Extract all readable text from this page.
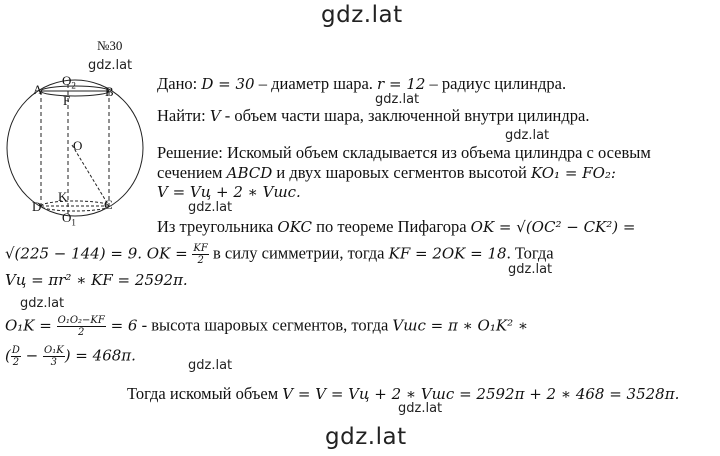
gdz.lat
gdz.lat
gdz.lat
gdz.lat
gdz.lat
gdz.lat
gdz.lat
gdz.lat
gdz.lat
gdz.lat
№30
A	B
$O_2$
F
O
K
D	C
$O_1$
Дано: D = 30 – диаметр шара. r = 12 – радиус цилиндра.
Найти: V - объем части шара, заключенной внутри цилиндра.
Решение: Искомый объем складывается из объема цилиндра с осевым
сечением ABCD и двух шаровых сегментов высотой KO₁ = FO₂:
V = Vц + 2 ∗ Vшс.
Из треугольника OKC по теореме Пифагора OK = √(OC² − CK²) =
√(225 − 144) = 9. OK = $\frac{KF}{2}$ в силу симметрии, тогда KF = 2OK = 18. Тогда
Vц = πr² ∗ KF = 2592π.
$O_1K = \frac{\text{O₁O₂−KF}}{2} = 6$ - высота шаровых сегментов, тогда Vшс = π ∗ O₁K² ∗
( $\frac{D}{2} - \frac{\text{O₁K}}{3}$ ) = 468π.
Тогда искомый объем V = V = Vц + 2 ∗ Vшс = 2592π + 2 ∗ 468 = 3528π.
